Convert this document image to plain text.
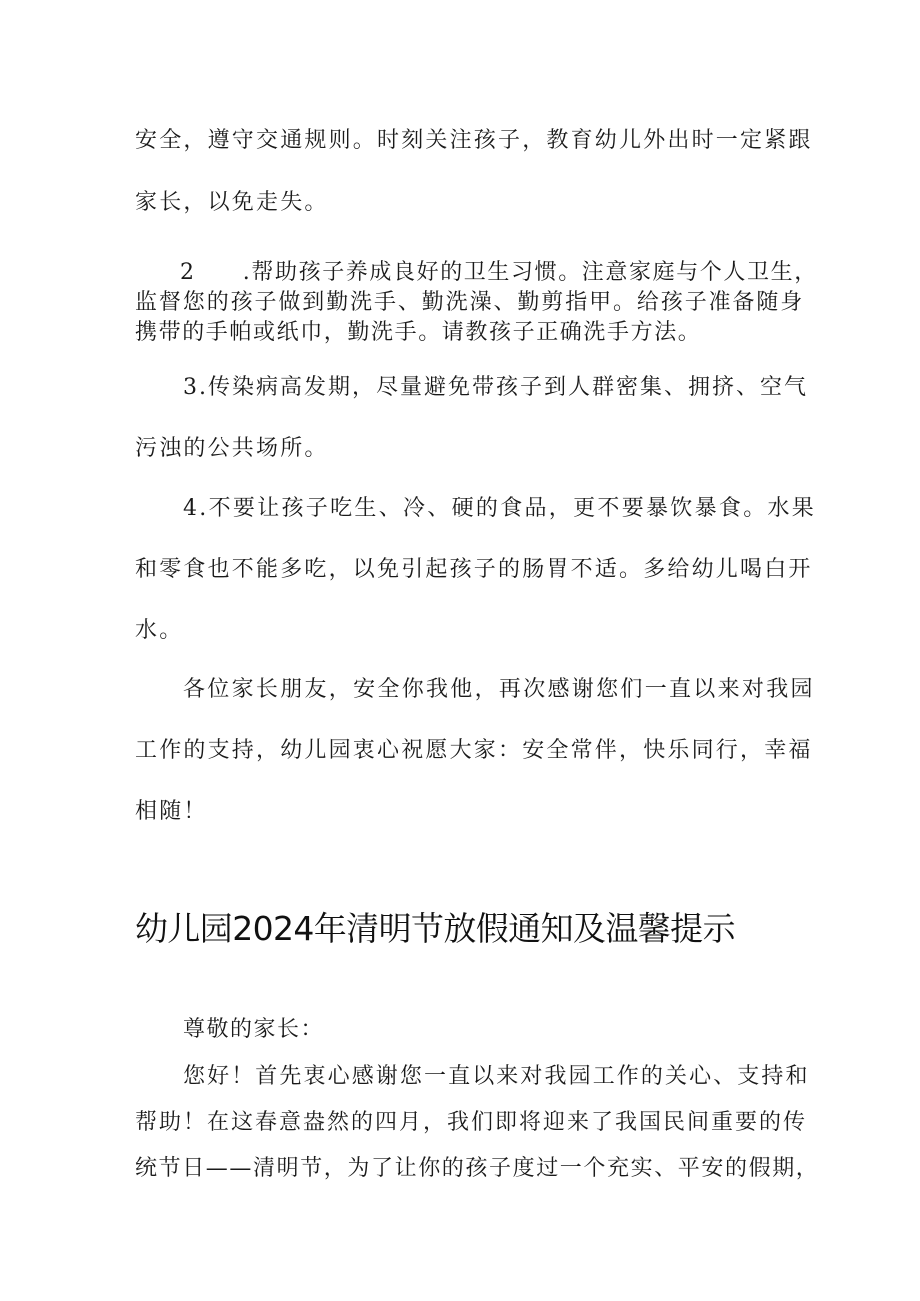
安全，遵守交通规则。时刻关注孩子，教育幼儿外出时一定紧跟
家长，以免走失。
2　　.帮助孩子养成良好的卫生习惯。注意家庭与个人卫生，
监督您的孩子做到勤洗手、勤洗澡、勤剪指甲。给孩子准备随身
携带的手帕或纸巾，勤洗手。请教孩子正确洗手方法。
3.传染病高发期，尽量避免带孩子到人群密集、拥挤、空气
污浊的公共场所。
4.不要让孩子吃生、冷、硬的食品，更不要暴饮暴食。水果
和零食也不能多吃，以免引起孩子的肠胃不适。多给幼儿喝白开
水。
各位家长朋友，安全你我他，再次感谢您们一直以来对我园
工作的支持，幼儿园衷心祝愿大家：安全常伴，快乐同行，幸福
相随！
幼儿园2024年清明节放假通知及温馨提示
尊敬的家长：
您好！首先衷心感谢您一直以来对我园工作的关心、支持和
帮助！在这春意盎然的四月，我们即将迎来了我国民间重要的传
统节日——清明节，为了让你的孩子度过一个充实、平安的假期，
